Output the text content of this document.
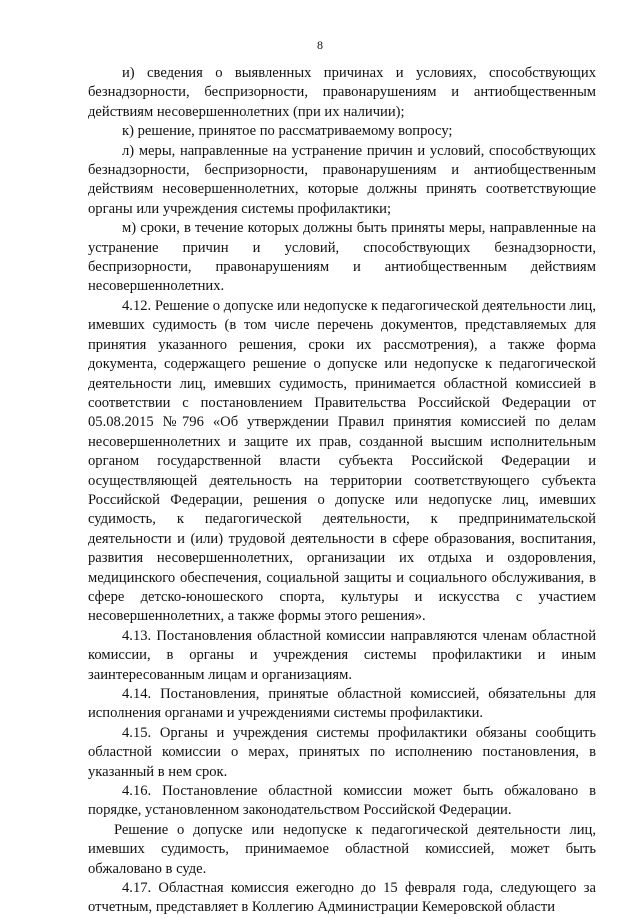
8

и) сведения о выявленных причинах и условиях, способствующих безнадзорности, беспризорности, правонарушениям и антиобщественным действиям несовершеннолетних (при их наличии);

к) решение, принятое по рассматриваемому вопросу;

л) меры, направленные на устранение причин и условий, способствующих безнадзорности, беспризорности, правонарушениям и антиобщественным действиям несовершеннолетних, которые должны принять соответствующие органы или учреждения системы профилактики;

м) сроки, в течение которых должны быть приняты меры, направленные на устранение причин и условий, способствующих безнадзорности, беспризорности, правонарушениям и антиобщественным действиям несовершеннолетних.

4.12. Решение о допуске или недопуске к педагогической деятельности лиц, имевших судимость (в том числе перечень документов, представляемых для принятия указанного решения, сроки их рассмотрения), а также форма документа, содержащего решение о допуске или недопуске к педагогической деятельности лиц, имевших судимость, принимается областной комиссией в соответствии с постановлением Правительства Российской Федерации от 05.08.2015 №796 «Об утверждении Правил принятия комиссией по делам несовершеннолетних и защите их прав, созданной высшим исполнительным органом государственной власти субъекта Российской Федерации и осуществляющей деятельность на территории соответствующего субъекта Российской Федерации, решения о допуске или недопуске лиц, имевших судимость, к педагогической деятельности, к предпринимательской деятельности и (или) трудовой деятельности в сфере образования, воспитания, развития несовершеннолетних, организации их отдыха и оздоровления, медицинского обеспечения, социальной защиты и социального обслуживания, в сфере детско-юношеского спорта, культуры и искусства с участием несовершеннолетних, а также формы этого решения».

4.13. Постановления областной комиссии направляются членам областной комиссии, в органы и учреждения системы профилактики и иным заинтересованным лицам и организациям.

4.14. Постановления, принятые областной комиссией, обязательны для исполнения органами и учреждениями системы профилактики.

4.15. Органы и учреждения системы профилактики обязаны сообщить областной комиссии о мерах, принятых по исполнению постановления, в указанный в нем срок.

4.16. Постановление областной комиссии может быть обжаловано в порядке, установленном законодательством Российской Федерации.

Решение о допуске или недопуске к педагогической деятельности лиц, имевших судимость, принимаемое областной комиссией, может быть обжаловано в суде.

4.17. Областная комиссия ежегодно до 15 февраля года, следующего за отчетным, представляет в Коллегию Администрации Кемеровской области
